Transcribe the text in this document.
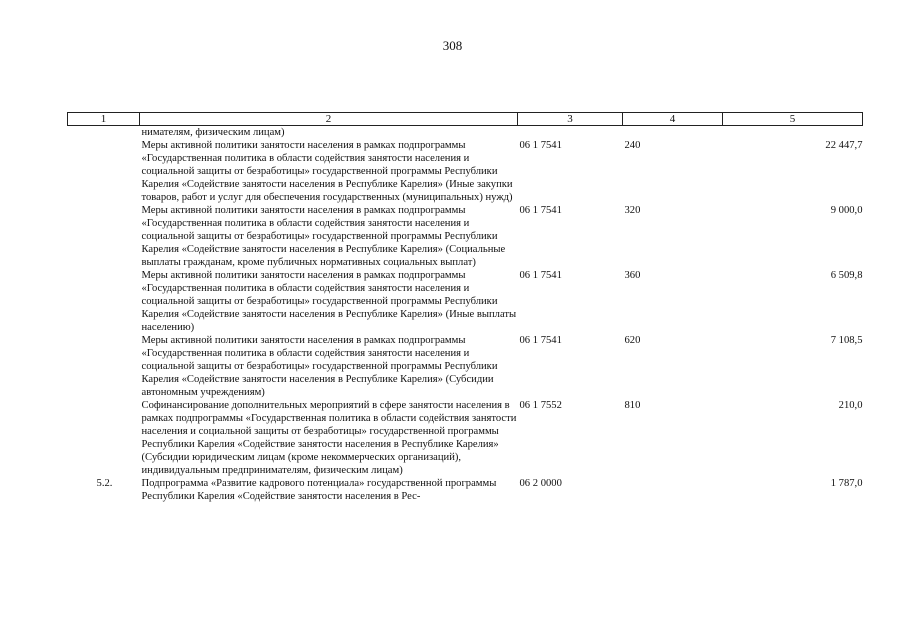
308
1	2	3	4	5
	нимателям, физическим лицам)			
	Меры активной политики занятости населения в рамках подпрограммы «Государственная политика в области содействия занятости населения и социальной защиты от безработицы» государственной программы Республики Карелия «Содействие занятости населения в Республике Карелия» (Иные закупки товаров, работ и услуг для обеспечения государственных (муниципальных) нужд)	06 1 7541	240	22 447,7
	Меры активной политики занятости населения в рамках подпрограммы «Государственная политика в области содействия занятости населения и социальной защиты от безработицы» государственной программы Республики Карелия «Содействие занятости населения в Республике Карелия» (Социальные выплаты гражданам, кроме публичных нормативных социальных выплат)	06 1 7541	320	9 000,0
	Меры активной политики занятости населения в рамках подпрограммы «Государственная политика в области содействия занятости населения и социальной защиты от безработицы» государственной программы Республики Карелия «Содействие занятости населения в Республике Карелия» (Иные выплаты населению)	06 1 7541	360	6 509,8
	Меры активной политики занятости населения в рамках подпрограммы «Государственная политика в области содействия занятости населения и социальной защиты от безработицы» государственной программы Республики Карелия «Содействие занятости населения в Республике Карелия» (Субсидии автономным учреждениям)	06 1 7541	620	7 108,5
	Софинансирование дополнительных мероприятий в сфере занятости населения в рамках подпрограммы «Государственная политика в области содействия занятости населения и социальной защиты от безработицы» государственной программы Республики Карелия «Содействие занятости населения в Республике Карелия» (Субсидии юридическим лицам (кроме некоммерческих организаций), индивидуальным предпринимателям, физическим лицам)	06 1 7552	810	210,0
5.2.	Подпрограмма «Развитие кадрового потенциала» государственной программы Республики Карелия «Содействие занятости населения в Рес-	06 2 0000		1 787,0
